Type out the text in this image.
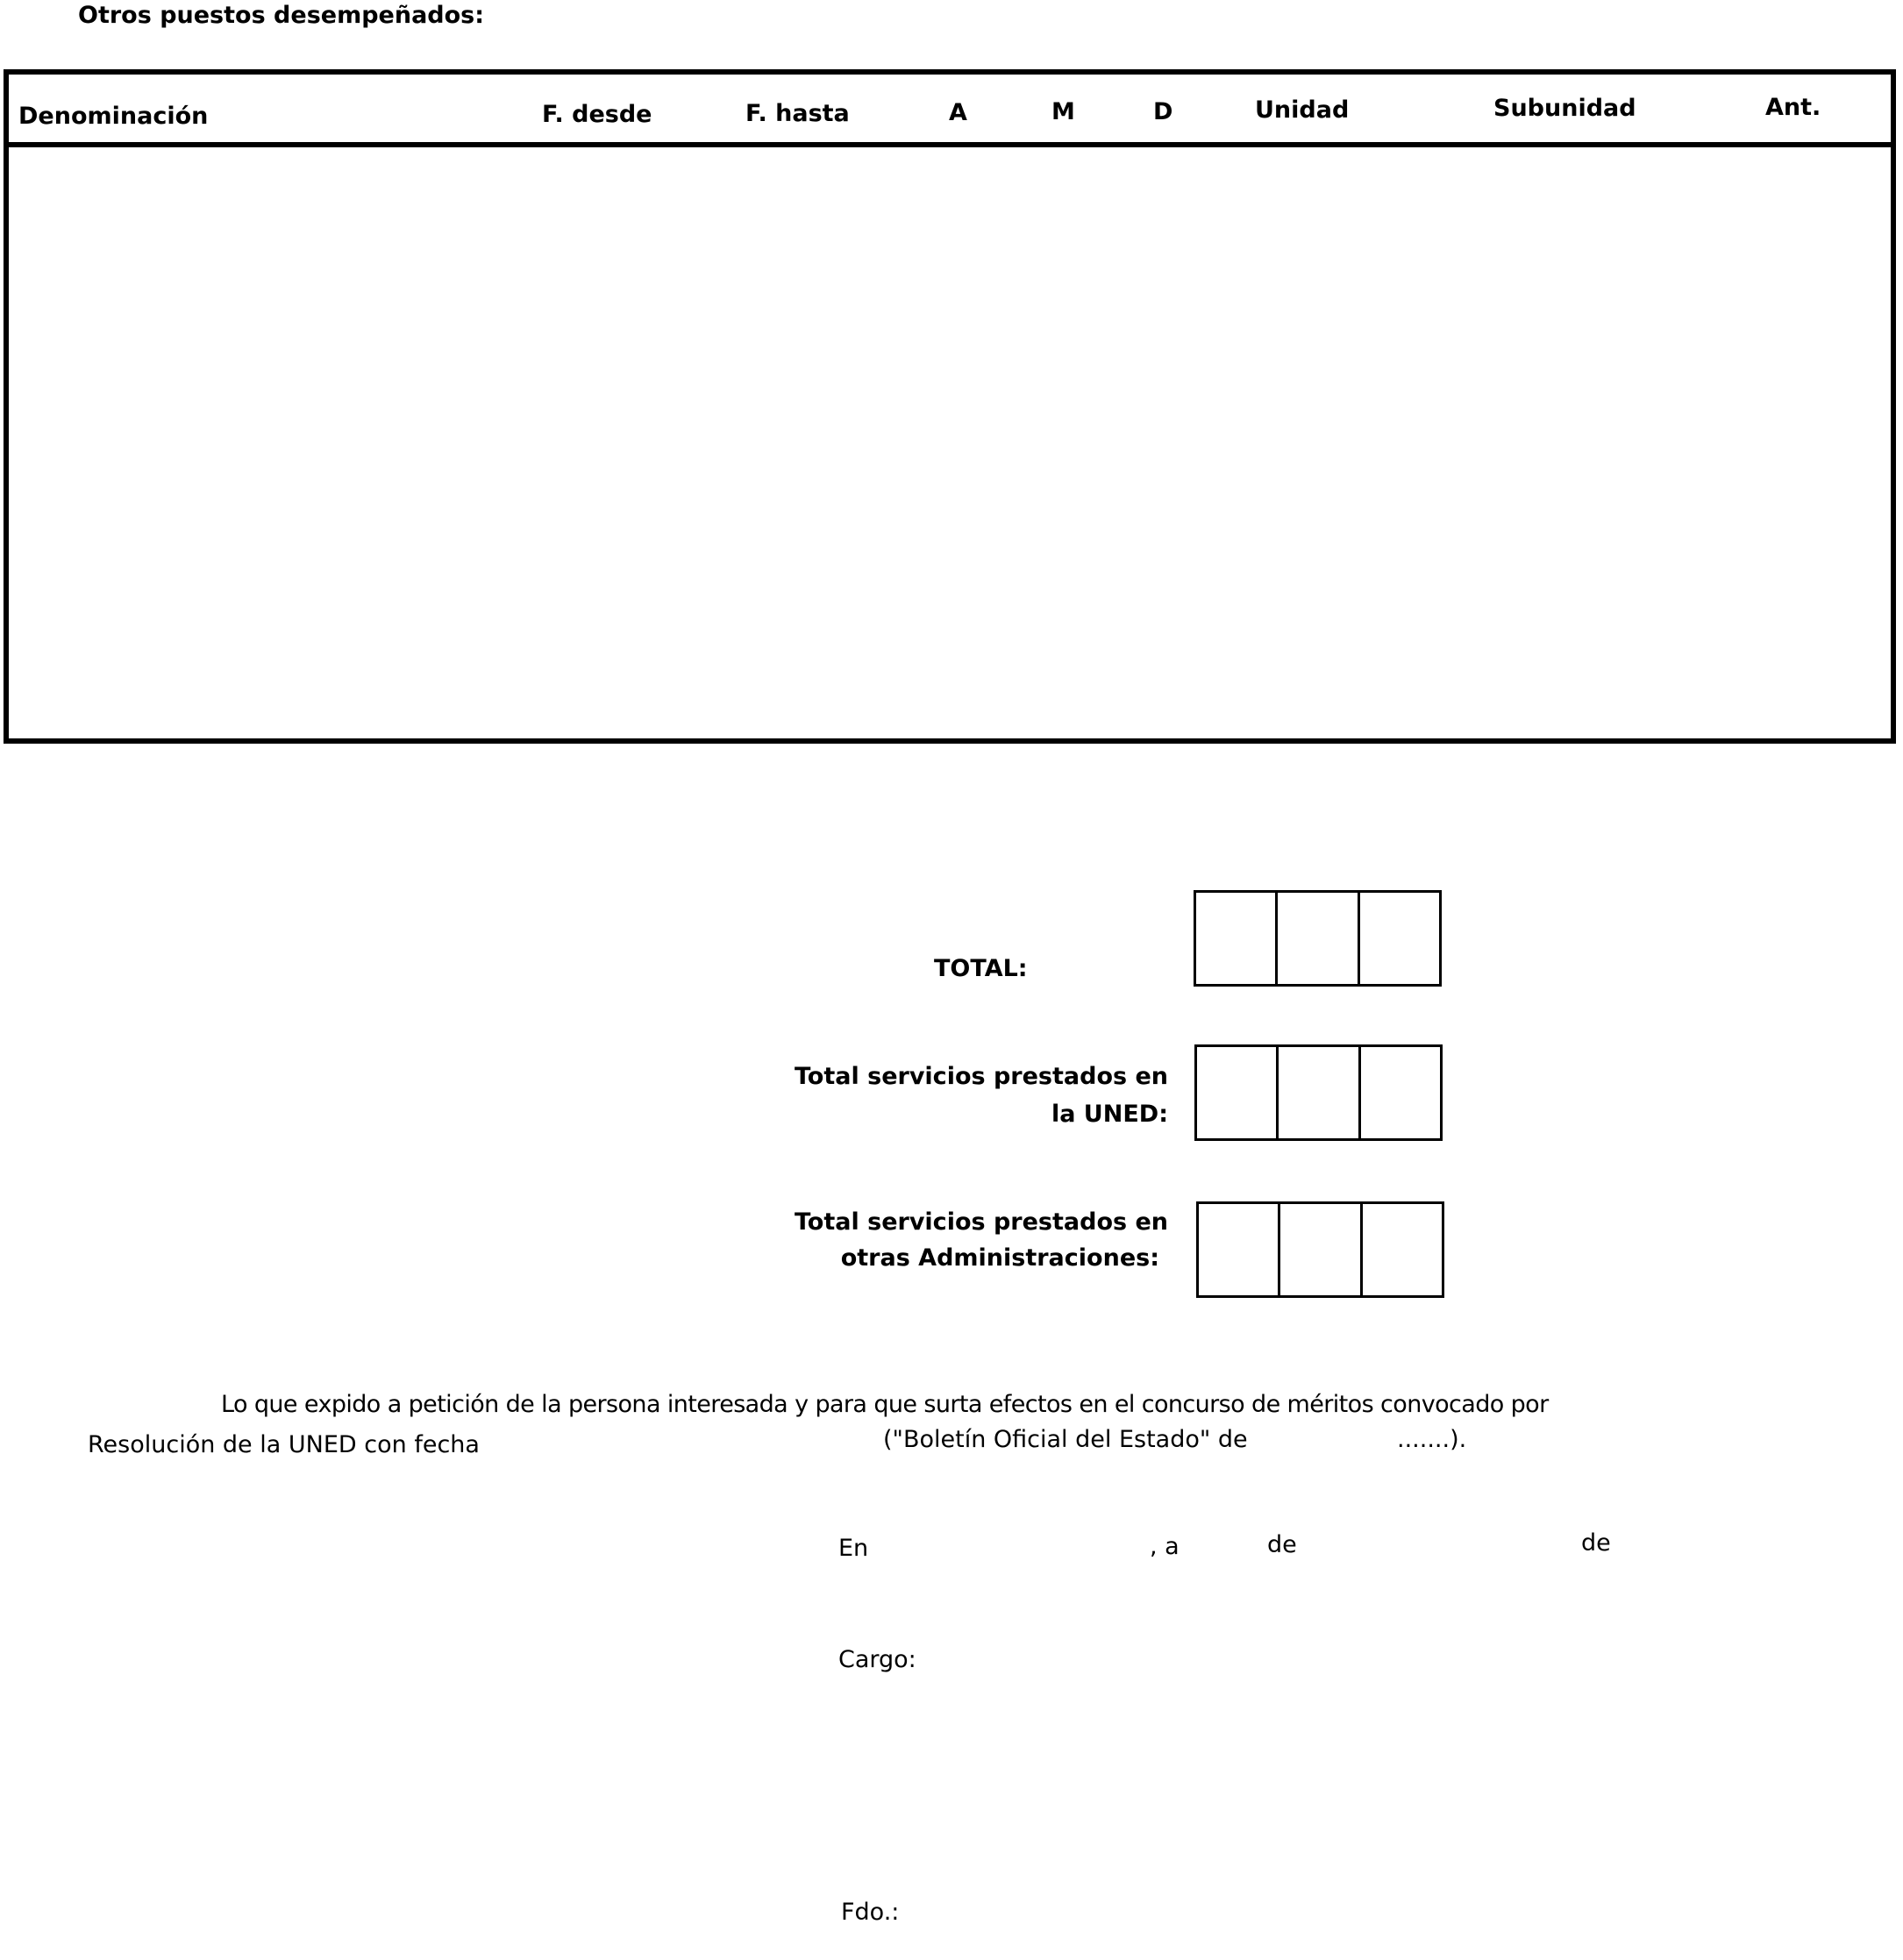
Otros puestos desempeñados:
Denominación	F. desde	F. hasta	A	M	D	Unidad	Subunidad	Ant.
TOTAL:
Total servicios prestados en
la UNED:
Total servicios prestados en
otras Administraciones:
Lo que expido a petición de la persona interesada y para que surta efectos en el concurso de méritos convocado por
Resolución de la UNED con fecha	("Boletín Oficial del Estado" de	.......).
En	, a	de	de
Cargo:
Fdo.:
